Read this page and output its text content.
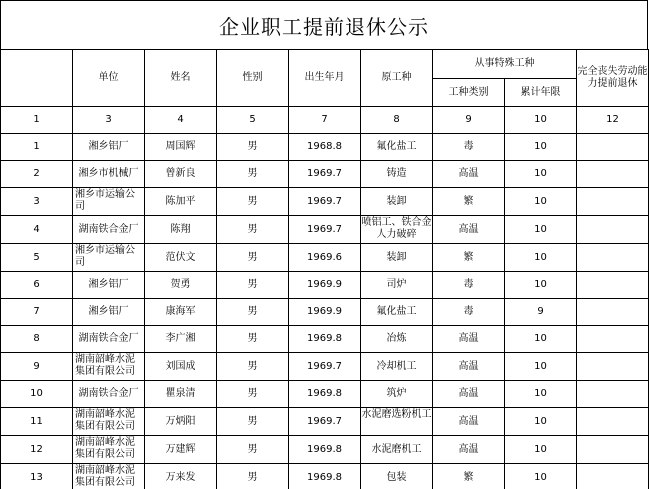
企业职工提前退休公示
	单位	姓名	性别	出生年月	原工种	从事特殊工种		完全丧失劳动能力提前退休
						工种类别	累计年限	
1	3	4	5	7	8	9	10	12
1	湘乡铝厂	周国辉	男	1968.8	氟化盐工	毒	10	
2	湘乡市机械厂	曾新良	男	1969.7	铸造	高温	10	
3	湘乡市运输公司	陈加平	男	1969.7	装卸	繁	10	
4	湖南铁合金厂	陈翔	男	1969.7	喷铝工、铁合金人力破碎	高温	10	
5	湘乡市运输公司	范伏文	男	1969.6	装卸	繁	10	
6	湘乡铝厂	贺勇	男	1969.9	司炉	毒	10	
7	湘乡铝厂	康海军	男	1969.9	氟化盐工	毒	9	
8	湖南铁合金厂	李广湘	男	1969.8	冶炼	高温	10	
9	湖南韶峰水泥集团有限公司	刘国成	男	1969.7	冷却机工	高温	10	
10	湖南铁合金厂	瞿泉清	男	1969.8	筑炉	高温	10	
11	湖南韶峰水泥集团有限公司	万炳阳	男	1969.7	水泥磨选粉机工	高温	10	
12	湖南韶峰水泥集团有限公司	万建辉	男	1969.8	水泥磨机工	高温	10	
13	湖南韶峰水泥集团有限公司	万来发	男	1969.8	包装	繁	10	
